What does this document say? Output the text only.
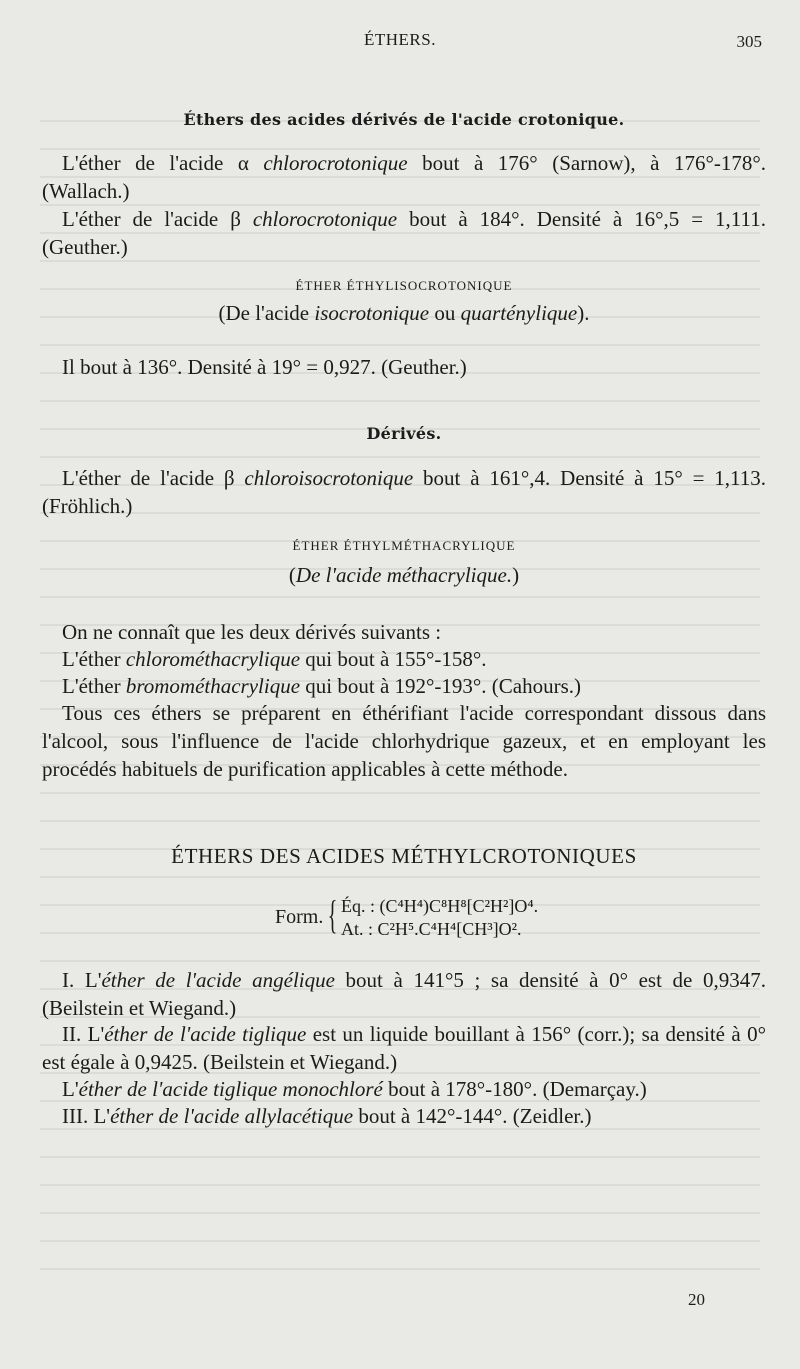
ÉTHERS.	305
Éthers des acides dérivés de l'acide crotonique.
L'éther de l'acide α chlorocrotonique bout à 176° (Sarnow), à 176°-178°. (Wallach.)
L'éther de l'acide β chlorocrotonique bout à 184°. Densité à 16°,5 = 1,111. (Geuther.)
ÉTHER ÉTHYLISOCROTONIQUE
(De l'acide isocrotonique ou quarténylique).
Il bout à 136°. Densité à 19° = 0,927. (Geuther.)
Dérivés.
L'éther de l'acide β chloroisocrotonique bout à 161°,4. Densité à 15° = 1,113. (Fröhlich.)
ÉTHER ÉTHYLMÉTHACRYLIQUE
(De l'acide méthacrylique.)
On ne connaît que les deux dérivés suivants :
L'éther chlorométhacrylique qui bout à 155°-158°.
L'éther bromométhacrylique qui bout à 192°-193°. (Cahours.)
Tous ces éthers se préparent en éthérifiant l'acide correspondant dissous dans l'alcool, sous l'influence de l'acide chlorhydrique gazeux, et en employant les procédés habituels de purification applicables à cette méthode.
ÉTHERS DES ACIDES MÉTHYLCROTONIQUES
Form. { Éq. : (C⁴H⁴)C⁸H⁸[C²H²]O⁴.
At. : C²H⁵.C⁴H⁴[CH³]O².
I. L'éther de l'acide angélique bout à 141°5 ; sa densité à 0° est de 0,9347. (Beilstein et Wiegand.)
II. L'éther de l'acide tiglique est un liquide bouillant à 156° (corr.); sa densité à 0° est égale à 0,9425. (Beilstein et Wiegand.)
L'éther de l'acide tiglique monochloré bout à 178°-180°. (Demarçay.)
III. L'éther de l'acide allylacétique bout à 142°-144°. (Zeidler.)
20
